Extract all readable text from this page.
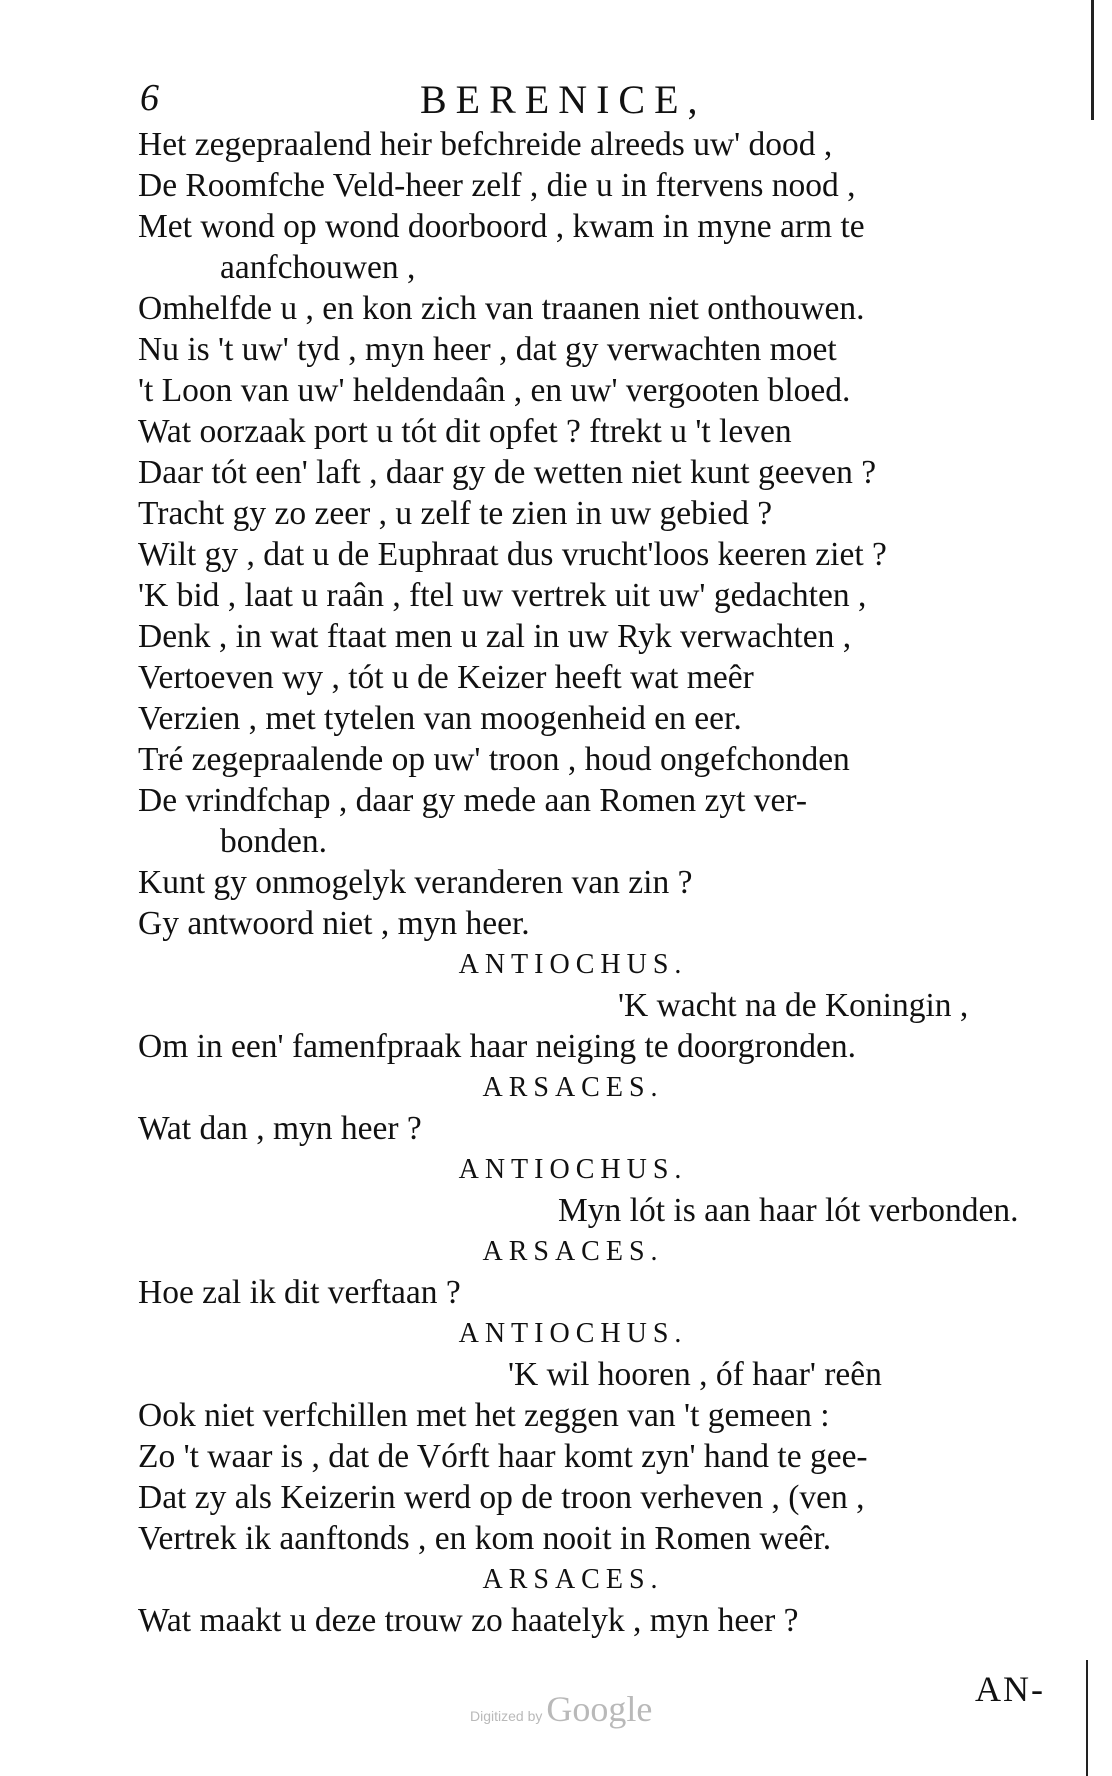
6	BERENICE,
Het zegepraalend heir befchreide alreeds uw' dood ,
De Roomfche Veld-heer zelf , die u in ftervens nood ,
Met wond op wond doorboord , kwam in myne arm te
aanfchouwen ,
Omhelfde u , en kon zich van traanen niet onthouwen.
Nu is 't uw' tyd , myn heer , dat gy verwachten moet
't Loon van uw' heldendaân , en uw' vergooten bloed.
Wat oorzaak port u tót dit opfet ? ftrekt u 't leven
Daar tót een' laft , daar gy de wetten niet kunt geeven ?
Tracht gy zo zeer , u zelf te zien in uw gebied ?
Wilt gy , dat u de Euphraat dus vrucht'loos keeren ziet ?
'K bid , laat u raân , ftel uw vertrek uit uw' gedachten ,
Denk , in wat ftaat men u zal in uw Ryk verwachten ,
Vertoeven wy , tót u de Keizer heeft wat meêr
Verzien , met tytelen van moogenheid en eer.
Tré zegepraalende op uw' troon , houd ongefchonden
De vrindfchap , daar gy mede aan Romen zyt ver-
bonden.
Kunt gy onmogelyk veranderen van zin ?
Gy antwoord niet , myn heer.
ANTIOCHUS.
'K wacht na de Koningin ,
Om in een' famenfpraak haar neiging te doorgronden.
ARSACES.
Wat dan , myn heer ?
ANTIOCHUS.
Myn lót is aan haar lót verbonden.
ARSACES.
Hoe zal ik dit verftaan ?
ANTIOCHUS.
'K wil hooren , óf haar' reên
Ook niet verfchillen met het zeggen van 't gemeen :
Zo 't waar is , dat de Vórft haar komt zyn' hand te gee-
Dat zy als Keizerin werd op de troon verheven , (ven ,
Vertrek ik aanftonds , en kom nooit in Romen weêr.
ARSACES.
Wat maakt u deze trouw zo haatelyk , myn heer ?
AN-
Digitized by Google
